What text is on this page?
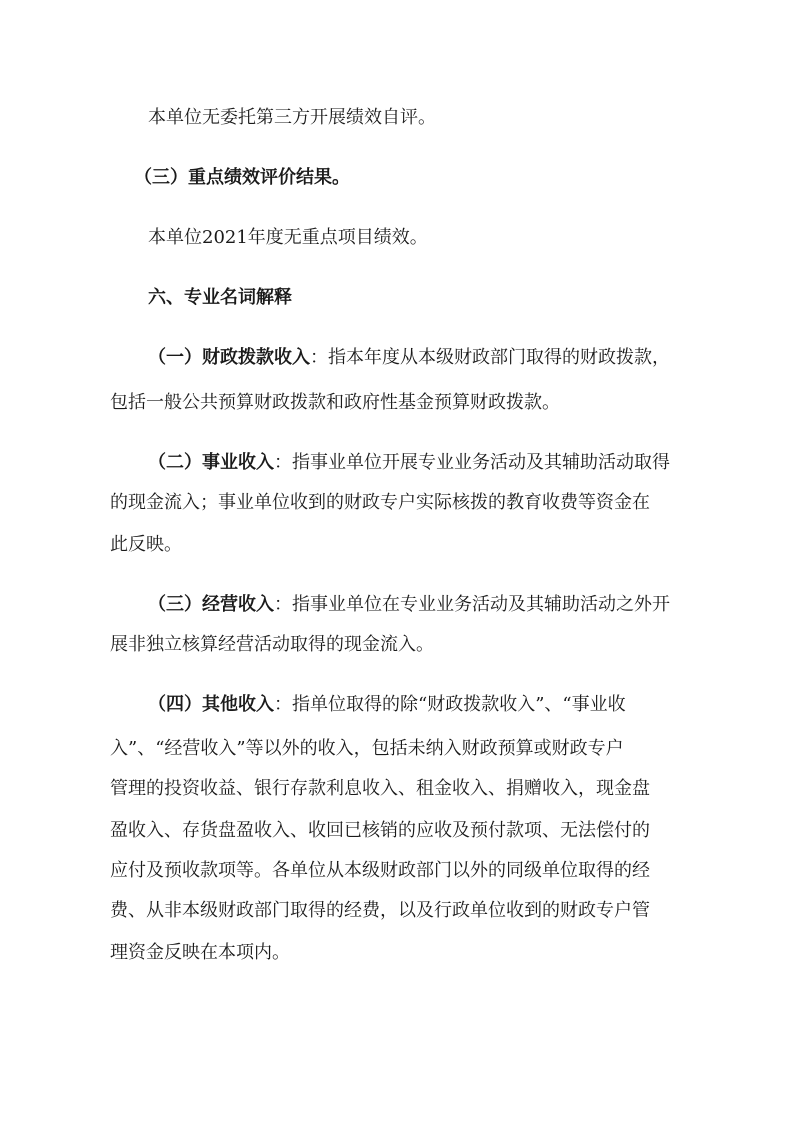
本单位无委托第三方开展绩效自评。
（三）重点绩效评价结果。
本单位2021年度无重点项目绩效。
六、专业名词解释
（一）财政拨款收入：指本年度从本级财政部门取得的财政拨款，
包括一般公共预算财政拨款和政府性基金预算财政拨款。
（二）事业收入：指事业单位开展专业业务活动及其辅助活动取得
的现金流入；事业单位收到的财政专户实际核拨的教育收费等资金在
此反映。
（三）经营收入：指事业单位在专业业务活动及其辅助活动之外开
展非独立核算经营活动取得的现金流入。
（四）其他收入：指单位取得的除“财政拨款收入”、“事业收
入”、“经营收入”等以外的收入，包括未纳入财政预算或财政专户
管理的投资收益、银行存款利息收入、租金收入、捐赠收入，现金盘
盈收入、存货盘盈收入、收回已核销的应收及预付款项、无法偿付的
应付及预收款项等。各单位从本级财政部门以外的同级单位取得的经
费、从非本级财政部门取得的经费，以及行政单位收到的财政专户管
理资金反映在本项内。
